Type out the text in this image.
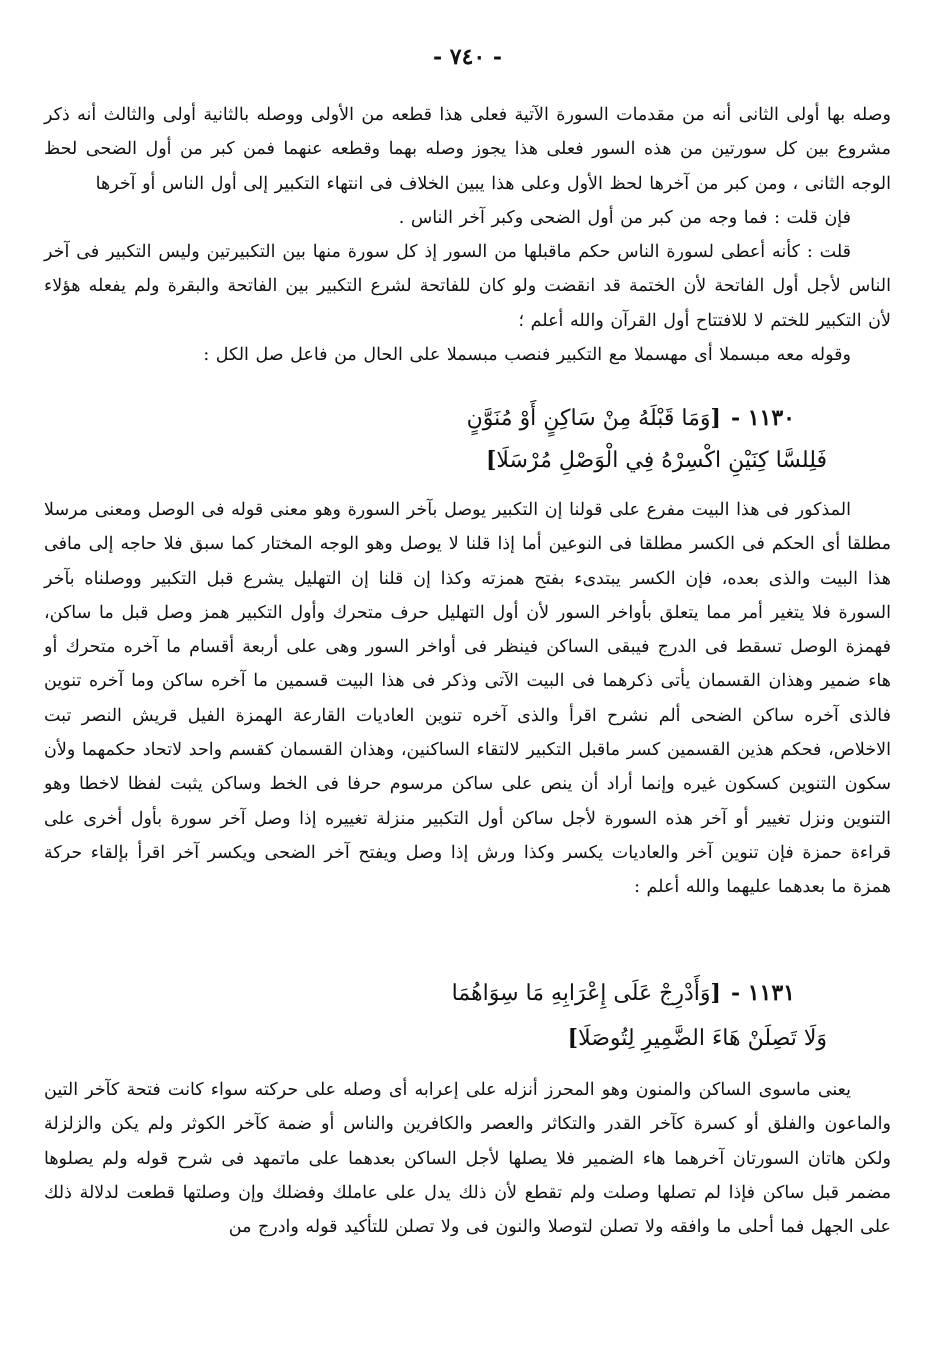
- ٧٤٠ -

وصله بها أولى الثانى أنه من مقدمات السورة الآتية فعلى هذا قطعه من الأولى ووصله بالثانية أولى والثالث أنه ذكر مشروع بين كل سورتين من هذه السور فعلى هذا يجوز وصله بهما وقطعه عنهما فمن كبر من أول الضحى لحظ الوجه الثانى ، ومن كبر من آخرها لحظ الأول وعلى هذا يبين الخلاف فى انتهاء التكبير إلى أول الناس أو آخرها

فإن قلت : فما وجه من كبر من أول الضحى وكبر آخر الناس .

قلت : كأنه أعطى لسورة الناس حكم ماقبلها من السور إذ كل سورة منها بين التكبيرتين وليس التكبير فى آخر الناس لأجل أول الفاتحة لأن الختمة قد انقضت ولو كان للفاتحة لشرع التكبير بين الفاتحة والبقرة ولم يفعله هؤلاء لأن التكبير للختم لا للافتتاح أول القرآن والله أعلم ؛

وقوله معه مبسملا أى مهسملا مع التكبير فنصب مبسملا على الحال من فاعل صل الكل :

١١٣٠ -[وَمَا قَبْلَهُ مِنْ سَاكِنٍ أَوْ مُنَوَّنٍ
فَلِلسَّا كِنَيْنِ اكْسِرْهُ فِي الْوَصْلِ مُرْسَلَا]

المذكور فى هذا البيت مفرع على قولنا إن التكبير يوصل بآخر السورة وهو معنى قوله فى الوصل ومعنى مرسلا مطلقا أى الحكم فى الكسر مطلقا فى النوعين أما إذا قلنا لا يوصل وهو الوجه المختار كما سبق فلا حاجه إلى مافى هذا البيت والذى بعده، فإن الكسر يبتدىء بفتح همزته وكذا إن قلنا إن التهليل يشرع قبل التكبير ووصلناه بآخر السورة فلا يتغير أمر مما يتعلق بأواخر السور لأن أول التهليل حرف متحرك وأول التكبير همز وصل قبل ما ساكن، فهمزة الوصل تسقط فى الدرج فيبقى الساكن فينظر فى أواخر السور وهى على أربعة أقسام ما آخره متحرك أو هاء ضمير وهذان القسمان يأتى ذكرهما فى البيت الآتى وذكر فى هذا البيت قسمين ما آخره ساكن وما آخره تنوين فالذى آخره ساكن الضحى ألم نشرح اقرأ والذى آخره تنوين العاديات القارعة الهمزة الفيل قريش النصر تبت الاخلاص، فحكم هذين القسمين كسر ماقبل التكبير لالتقاء الساكنين، وهذان القسمان كقسم واحد لاتحاد حكمهما ولأن سكون التنوين كسكون غيره وإنما أراد أن ينص على ساكن مرسوم حرفا فى الخط وساكن يثبت لفظا لاخطا وهو التنوين ونزل تغيير أو آخر هذه السورة لأجل ساكن أول التكبير منزلة تغييره إذا وصل آخر سورة بأول أخرى على قراءة حمزة فإن تنوين آخر والعاديات يكسر وكذا ورش إذا وصل ويفتح آخر الضحى ويكسر آخر اقرأ بإلقاء حركة همزة ما بعدهما عليهما والله أعلم :

١١٣١ -[وَأَدْرِجْ عَلَى إِعْرَابِهِ مَا سِوَاهُمَا
وَلَا تَصِلَنْ هَاءَ الضَّمِيرِ لِتُوصَلَا]

يعنى ماسوى الساكن والمنون وهو المحرز أنزله على إعرابه أى وصله على حركته سواء كانت فتحة كآخر التين والماعون والفلق أو كسرة كآخر القدر والتكاثر والعصر والكافرين والناس أو ضمة كآخر الكوثر ولم يكن والزلزلة ولكن هاتان السورتان آخرهما هاء الضمير فلا يصلها لأجل الساكن بعدهما على ماتمهد فى شرح قوله ولم يصلوها مضمر قبل ساكن فإذا لم تصلها وصلت ولم تقطع لأن ذلك يدل على عاملك وفضلك وإن وصلتها قطعت لدلالة ذلك على الجهل فما أحلى ما وافقه ولا تصلن لتوصلا والنون فى ولا تصلن للتأكيد قوله وادرج من
